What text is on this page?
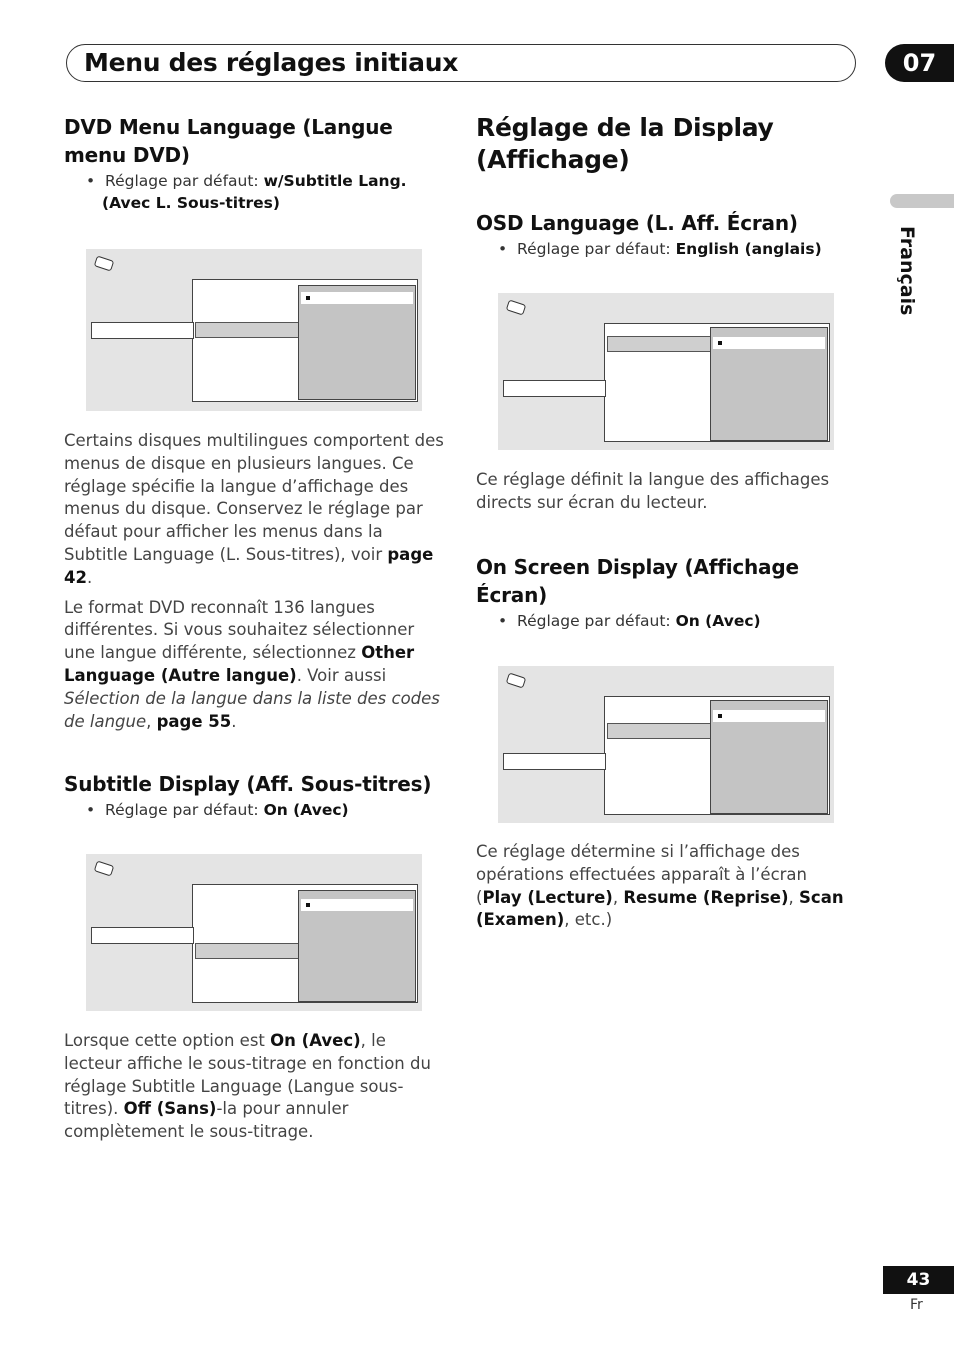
Menu des réglages initiaux	07
Français
DVD Menu Language (Langue menu DVD)
•  Réglage par défaut: w/Subtitle Lang. (Avec L. Sous-titres)

Certains disques multilingues comportent des menus de disque en plusieurs langues. Ce réglage spécifie la langue d’affichage des menus du disque. Conservez le réglage par défaut pour afficher les menus dans la Subtitle Language (L. Sous-titres), voir page 42.

Le format DVD reconnaît 136 langues différentes. Si vous souhaitez sélectionner une langue différente, sélectionnez Other Language (Autre langue). Voir aussi Sélection de la langue dans la liste des codes de langue, page 55.

Subtitle Display (Aff. Sous-titres)
•  Réglage par défaut: On (Avec)

Lorsque cette option est On (Avec), le lecteur affiche le sous-titrage en fonction du réglage Subtitle Language (Langue sous-titres). Off (Sans)-la pour annuler complètement le sous-titrage.

Réglage de la Display (Affichage)
OSD Language (L. Aff. Écran)
•  Réglage par défaut: English (anglais)

Ce réglage définit la langue des affichages directs sur écran du lecteur.

On Screen Display (Affichage Écran)
•  Réglage par défaut: On (Avec)

Ce réglage détermine si l’affichage des opérations effectuées apparaît à l’écran (Play (Lecture), Resume (Reprise), Scan (Examen), etc.)

43
Fr
